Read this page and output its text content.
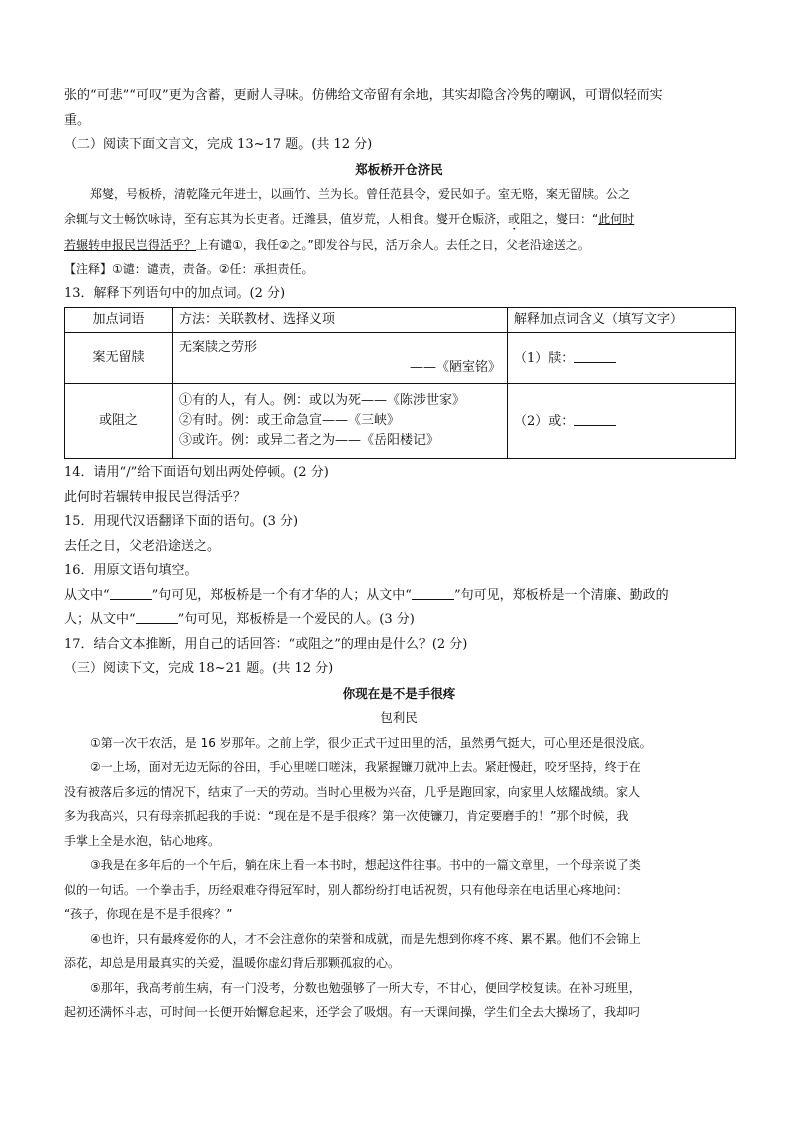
张的“可悲”“可叹”更为含蓄，更耐人寻味。仿佛给文帝留有余地，其实却隐含冷隽的嘲讽，可谓似轻而实
重。
（二）阅读下面文言文，完成 13~17 题。(共 12 分)
郑板桥开仓济民
郑燮，号板桥，清乾隆元年进士，以画竹、兰为长。曾任范县令，爱民如子。室无赂，案无留牍。公之
余辄与文士畅饮咏诗，至有忘其为长吏者。迁潍县，值岁荒，人相食。燮开仓赈济，或阻之，燮曰：“此何时
若辗转申报民岂得活乎？上有谴①，我任②之。”即发谷与民，活万余人。去任之日，父老沿途送之。
【注释】①谴：谴责，责备。②任：承担责任。
13．解释下列语句中的加点词。(2 分)
加点词语	方法：关联教材、选择义项	解释加点词含义（填写文字）
案无留牍	无案牍之劳形
——《陋室铭》	（1）牍：
或阻之	①有的人，有人。例：或以为死——《陈涉世家》
②有时。例：或王命急宣——《三峡》
③或许。例：或异二者之为——《岳阳楼记》	（2）或：
14．请用“/”给下面语句划出两处停顿。(2 分)
此何时若辗转申报民岂得活乎？
15．用现代汉语翻译下面的语句。(3 分)
去任之日，父老沿途送之。
16．用原文语句填空。
从文中“	”句可见，郑板桥是一个有才华的人；从文中“	”句可见，郑板桥是一个清廉、勤政的
人；从文中“	”句可见，郑板桥是一个爱民的人。(3 分)
17．结合文本推断，用自己的话回答：“或阻之”的理由是什么？(2 分)
（三）阅读下文，完成 18~21 题。(共 12 分)
你现在是不是手很疼
包利民
①第一次干农活，是 16 岁那年。之前上学，很少正式干过田里的活，虽然勇气挺大，可心里还是很没底。
②一上场，面对无边无际的谷田，手心里嗟口嗟沫，我紧握镰刀就冲上去。紧赶慢赶，咬牙坚持，终于在
没有被落后多远的情况下，结束了一天的劳动。当时心里极为兴奋，几乎是跑回家，向家里人炫耀战绩。家人
多为我高兴，只有母亲抓起我的手说：“现在是不是手很疼？第一次使镰刀，肯定要磨手的！”那个时候，我
手掌上全是水泡，钻心地疼。
③我是在多年后的一个午后，躺在床上看一本书时，想起这件往事。书中的一篇文章里，一个母亲说了类
似的一句话。一个拳击手，历经艰难夺得冠军时，别人都纷纷打电话祝贺，只有他母亲在电话里心疼地问：
“孩子，你现在是不是手很疼？”
④也许，只有最疼爱你的人，才不会注意你的荣誉和成就，而是先想到你疼不疼、累不累。他们不会锦上
添花，却总是用最真实的关爱，温暖你虚幻背后那颗孤寂的心。
⑤那年，我高考前生病，有一门没考，分数也勉强够了一所大专，不甘心，便回学校复读。在补习班里，
起初还满怀斗志，可时间一长便开始懈怠起来，还学会了吸烟。有一天课间操，学生们全去大操场了，我却叼
